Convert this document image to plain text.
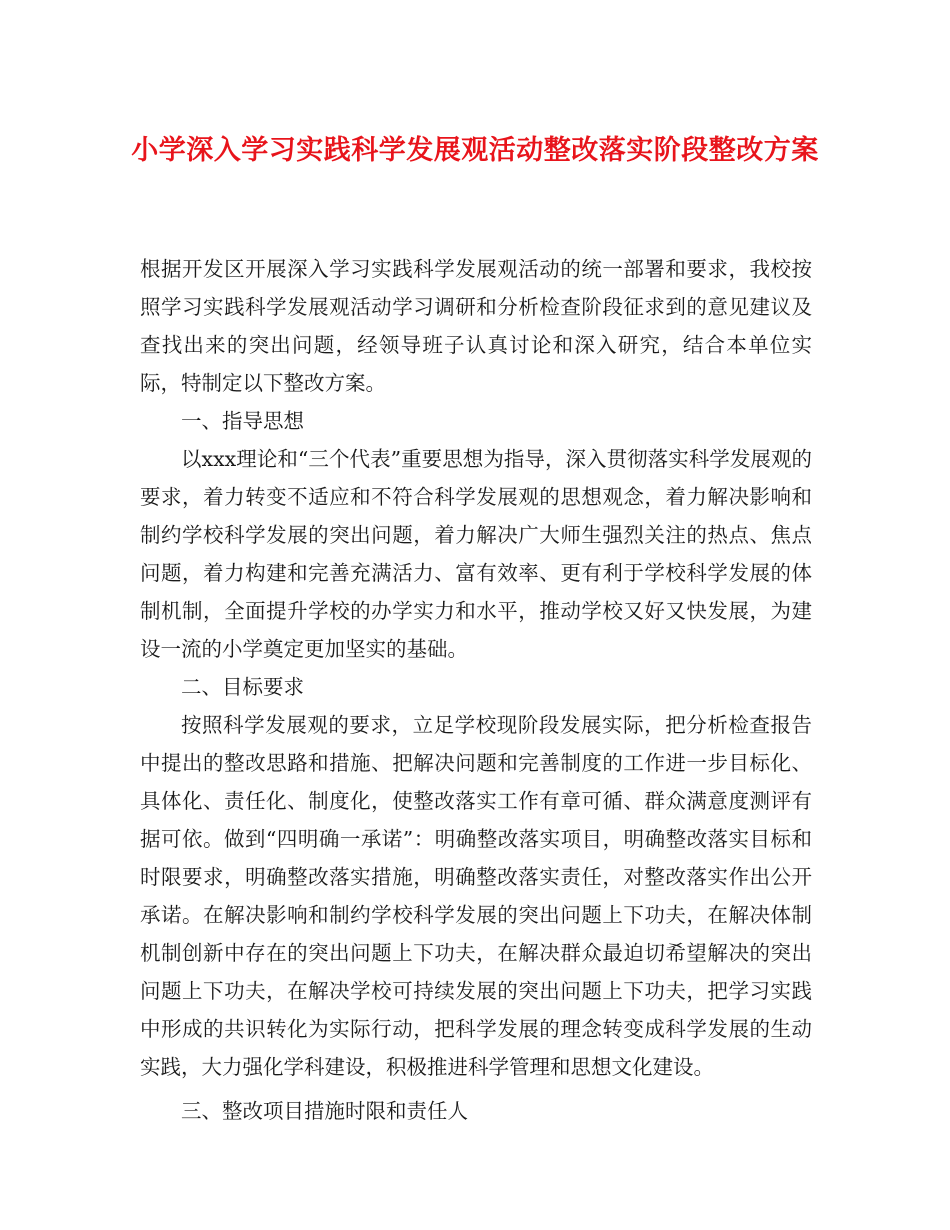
小学深入学习实践科学发展观活动整改落实阶段整改方案

根据开发区开展深入学习实践科学发展观活动的统一部署和要求，我校按照学习实践科学发展观活动学习调研和分析检查阶段征求到的意见建议及查找出来的突出问题，经领导班子认真讨论和深入研究，结合本单位实际，特制定以下整改方案。

一、指导思想

以xxx理论和“三个代表”重要思想为指导，深入贯彻落实科学发展观的要求，着力转变不适应和不符合科学发展观的思想观念，着力解决影响和制约学校科学发展的突出问题，着力解决广大师生强烈关注的热点、焦点问题，着力构建和完善充满活力、富有效率、更有利于学校科学发展的体制机制，全面提升学校的办学实力和水平，推动学校又好又快发展，为建设一流的小学奠定更加坚实的基础。

二、目标要求

按照科学发展观的要求，立足学校现阶段发展实际，把分析检查报告中提出的整改思路和措施、把解决问题和完善制度的工作进一步目标化、具体化、责任化、制度化，使整改落实工作有章可循、群众满意度测评有据可依。做到“四明确一承诺”：明确整改落实项目，明确整改落实目标和时限要求，明确整改落实措施，明确整改落实责任，对整改落实作出公开承诺。在解决影响和制约学校科学发展的突出问题上下功夫，在解决体制机制创新中存在的突出问题上下功夫，在解决群众最迫切希望解决的突出问题上下功夫，在解决学校可持续发展的突出问题上下功夫，把学习实践中形成的共识转化为实际行动，把科学发展的理念转变成科学发展的生动实践，大力强化学科建设，积极推进科学管理和思想文化建设。

三、整改项目措施时限和责任人
